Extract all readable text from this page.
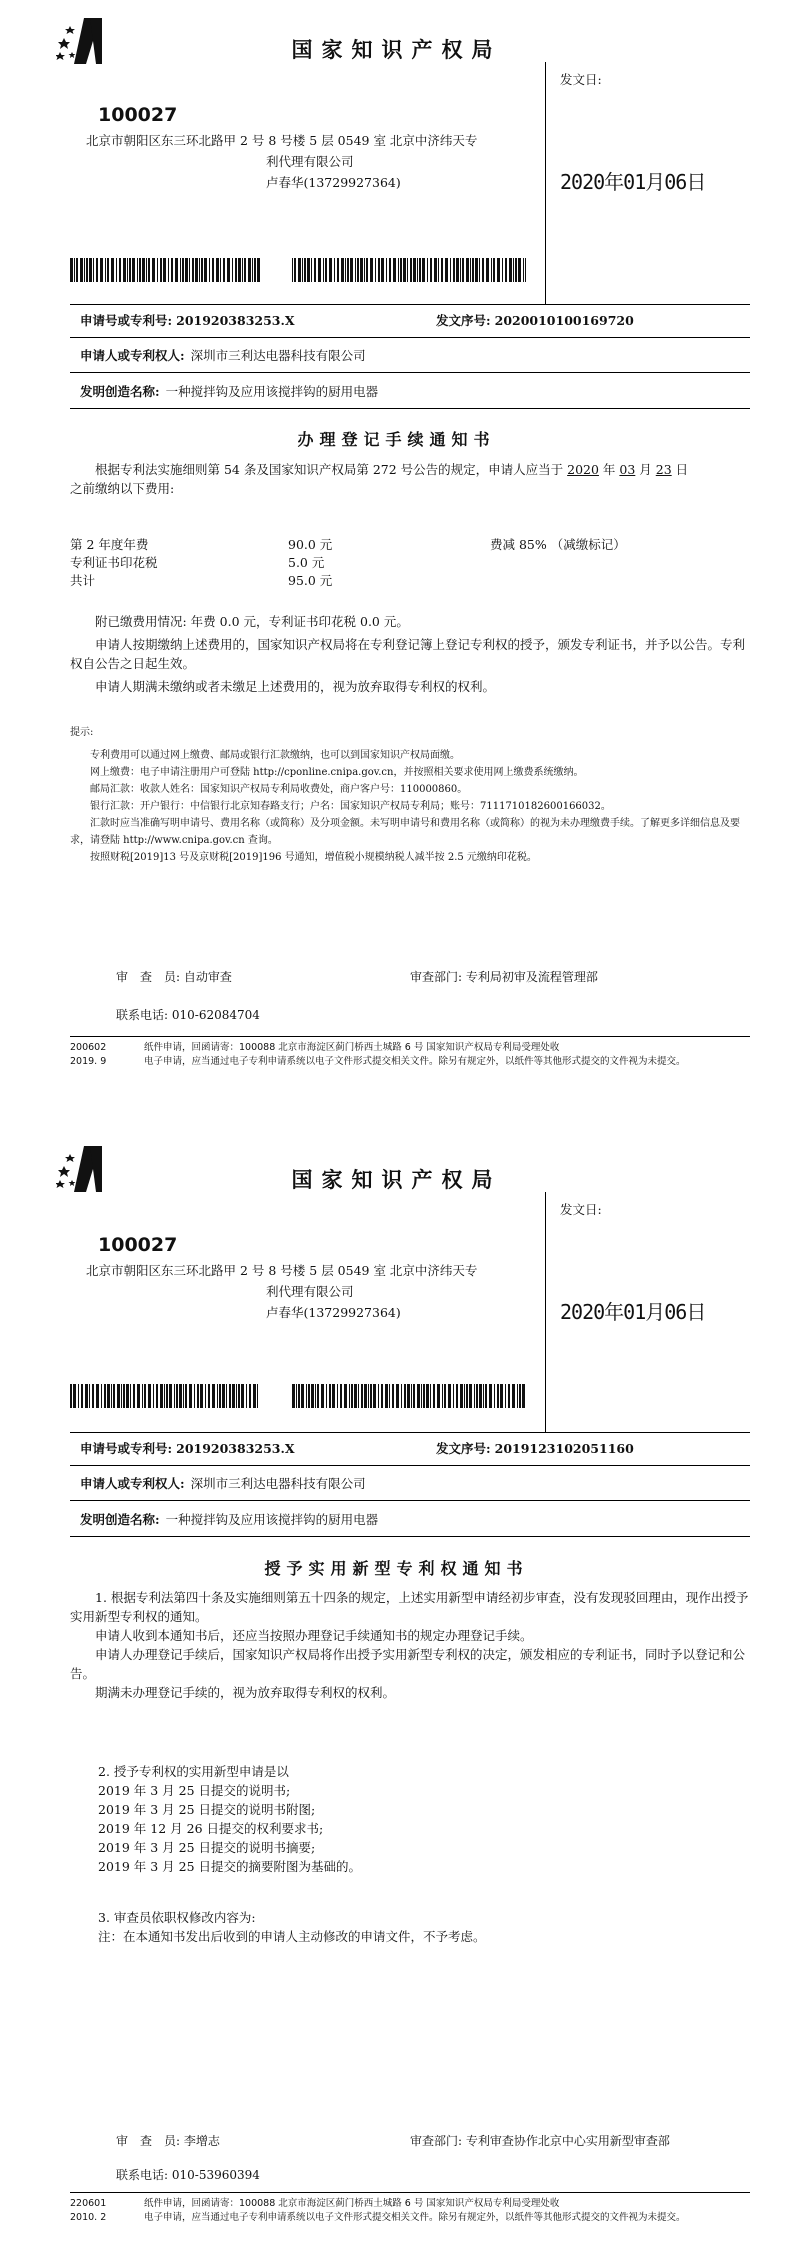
国家知识产权局
100027
北京市朝阳区东三环北路甲 2 号 8 号楼 5 层 0549 室 北京中济纬天专
利代理有限公司
卢春华(13729927364)
发文日:
2020年01月06日
申请号或专利号: 201920383253.X	发文序号: 2020010100169720
申请人或专利权人: 深圳市三利达电器科技有限公司
发明创造名称: 一种搅拌钩及应用该搅拌钩的厨用电器
办理登记手续通知书

根据专利法实施细则第 54 条及国家知识产权局第 272 号公告的规定，申请人应当于 2020 年 03 月 23 日

之前缴纳以下费用:
第 2 年度年费	90.0 元	费减 85% （减缴标记）
专利证书印花税	5.0 元
共计	95.0 元

附已缴费用情况: 年费 0.0 元，专利证书印花税 0.0 元。

申请人按期缴纳上述费用的，国家知识产权局将在专利登记簿上登记专利权的授予，颁发专利证书，并予以公告。专利权自公告之日起生效。

申请人期满未缴纳或者未缴足上述费用的，视为放弃取得专利权的权利。

提示:

专利费用可以通过网上缴费、邮局或银行汇款缴纳，也可以到国家知识产权局面缴。

网上缴费：电子申请注册用户可登陆 http://cponline.cnipa.gov.cn，并按照相关要求使用网上缴费系统缴纳。

邮局汇款：收款人姓名：国家知识产权局专利局收费处，商户客户号：110000860。

银行汇款：开户银行：中信银行北京知春路支行；户名：国家知识产权局专利局；账号：7111710182600166032。

汇款时应当准确写明申请号、费用名称（或简称）及分项金额。未写明申请号和费用名称（或简称）的视为未办理缴费手续。了解更多详细信息及要求，请登陆 http://www.cnipa.gov.cn 查询。

按照财税[2019]13 号及京财税[2019]196 号通知，增值税小规模纳税人减半按 2.5 元缴纳印花税。

审　查　员: 自动审查	审查部门: 专利局初审及流程管理部
联系电话: 010-62084704
200602
2019. 9
纸件申请，回函请寄：100088 北京市海淀区蓟门桥西土城路 6 号 国家知识产权局专利局受理处收
电子申请，应当通过电子专利申请系统以电子文件形式提交相关文件。除另有规定外，以纸件等其他形式提交的文件视为未提交。
国家知识产权局
100027
北京市朝阳区东三环北路甲 2 号 8 号楼 5 层 0549 室 北京中济纬天专
利代理有限公司
卢春华(13729927364)
发文日:
2020年01月06日
申请号或专利号: 201920383253.X	发文序号: 2019123102051160
申请人或专利权人: 深圳市三利达电器科技有限公司
发明创造名称: 一种搅拌钩及应用该搅拌钩的厨用电器
授予实用新型专利权通知书

1. 根据专利法第四十条及实施细则第五十四条的规定，上述实用新型申请经初步审查，没有发现驳回理由，现作出授予实用新型专利权的通知。

申请人收到本通知书后，还应当按照办理登记手续通知书的规定办理登记手续。

申请人办理登记手续后，国家知识产权局将作出授予实用新型专利权的决定，颁发相应的专利证书，同时予以登记和公告。

期满未办理登记手续的，视为放弃取得专利权的权利。

2. 授予专利权的实用新型申请是以

2019 年 3 月 25 日提交的说明书;

2019 年 3 月 25 日提交的说明书附图;

2019 年 12 月 26 日提交的权利要求书;

2019 年 3 月 25 日提交的说明书摘要;

2019 年 3 月 25 日提交的摘要附图为基础的。

3. 审查员依职权修改内容为:

注：在本通知书发出后收到的申请人主动修改的申请文件，不予考虑。

审　查　员: 李增志	审查部门: 专利审查协作北京中心实用新型审查部
联系电话: 010-53960394
220601
2010. 2
纸件申请，回函请寄：100088 北京市海淀区蓟门桥西土城路 6 号 国家知识产权局专利局受理处收
电子申请，应当通过电子专利申请系统以电子文件形式提交相关文件。除另有规定外，以纸件等其他形式提交的文件视为未提交。
